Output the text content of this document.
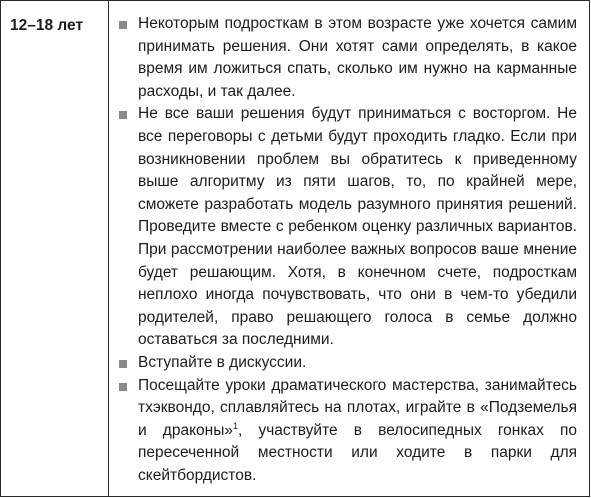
12–18 лет	Некоторым подросткам в этом возрасте уже хочется самим принимать решения. Они хотят сами определять, в какое время им ложиться спать, сколько им нужно на карманные расходы, и так далее.
Не все ваши решения будут приниматься с восторгом. Не все переговоры с детьми будут проходить гладко. Если при возникновении проблем вы обратитесь к приведенному выше алгоритму из пяти шагов, то, по крайней мере, сможете разработать модель разумного принятия решений. Проведите вместе с ребенком оценку различных вариантов. При рассмотрении наиболее важных вопросов ваше мнение будет решающим. Хотя, в конечном счете, подросткам неплохо иногда почувствовать, что они в чем-то убедили родителей, право решающего голоса в семье должно оставаться за последними.
Вступайте в дискуссии.
Посещайте уроки драматического мастерства, занимайтесь тхэквондо, сплавляйтесь на плотах, играйте в «Подземелья и драконы»$^1$, участвуйте в велосипедных гонках по пересеченной местности или ходите в парки для скейтбордистов.
